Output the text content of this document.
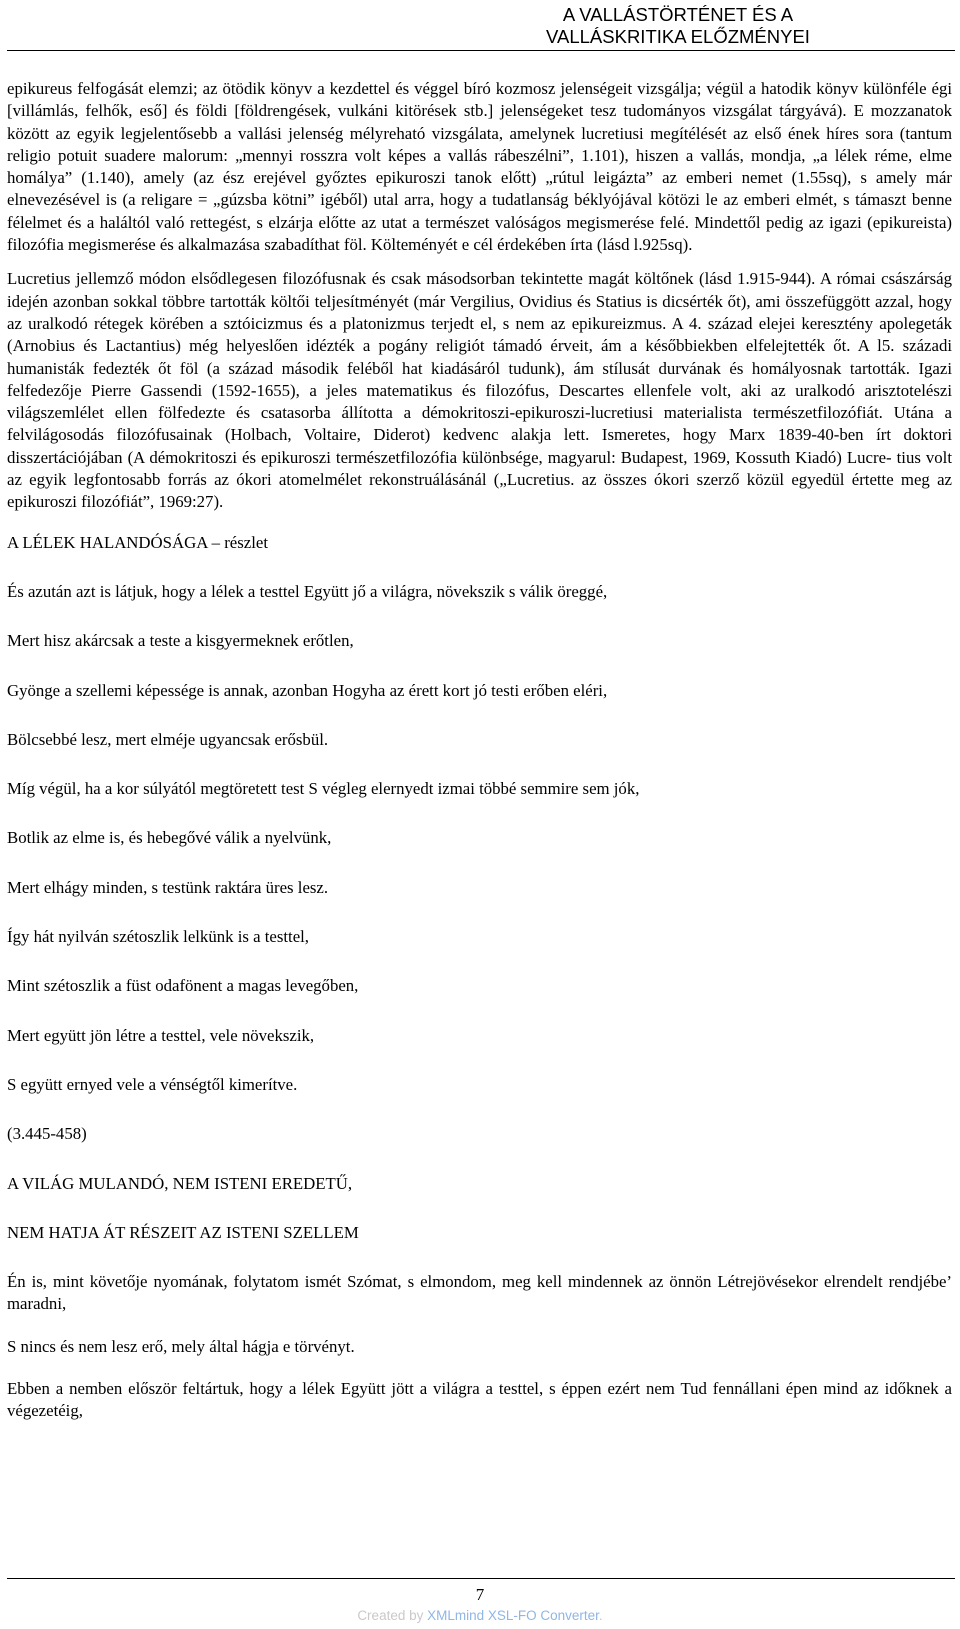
A VALLÁSTÖRTÉNET ÉS A
VALLÁSKRITIKA ELŐZMÉNYEI

epikureus felfogását elemzi; az ötödik könyv a kezdettel és véggel bíró kozmosz jelenségeit vizsgálja; végül a hatodik könyv különféle égi [villámlás, felhők, eső] és földi [földrengések, vulkáni kitörések stb.] jelenségeket tesz tudományos vizsgálat tárgyává). E mozzanatok között az egyik legjelentősebb a vallási jelenség mélyreható vizsgálata, amelynek lucretiusi megítélését az első ének híres sora (tantum religio potuit suadere malorum: „mennyi rosszra volt képes a vallás rábeszélni”, 1.101), hiszen a vallás, mondja, „a lélek réme, elme homálya” (1.140), amely (az ész erejével győztes epikuroszi tanok előtt) „rútul leigázta” az emberi nemet (1.55sq), s amely már elnevezésével is (a religare = „gúzsba kötni” igéből) utal arra, hogy a tudatlanság béklyójával kötözi le az emberi elmét, s támaszt benne félelmet és a haláltól való rettegést, s elzárja előtte az utat a természet valóságos megismerése felé. Mindettől pedig az igazi (epikureista) filozófia megismerése és alkalmazása szabadíthat föl. Költeményét e cél érdekében írta (lásd l.925sq).

Lucretius jellemző módon elsődlegesen filozófusnak és csak másodsorban tekintette magát költőnek (lásd 1.915-944). A római császárság idején azonban sokkal többre tartották költői teljesítményét (már Vergilius, Ovidius és Statius is dicsérték őt), ami összefüggött azzal, hogy az uralkodó rétegek körében a sztóicizmus és a platonizmus terjedt el, s nem az epikureizmus. A 4. század elejei keresztény apolegeták (Arnobius és Lactantius) még helyeslően idézték a pogány religiót támadó érveit, ám a későbbiekben elfelejtették őt. A l5. századi humanisták fedezték őt föl (a század második feléből hat kiadásáról tudunk), ám stílusát durvának és homályosnak tartották. Igazi felfedezője Pierre Gassendi (1592-1655), a jeles matematikus és filozófus, Descartes ellenfele volt, aki az uralkodó arisztotelészi világszemlélet ellen fölfedezte és csatasorba állította a démokritoszi-epikuroszi-lucretiusi materialista természetfilozófiát. Utána a felvilágosodás filozófusainak (Holbach, Voltaire, Diderot) kedvenc alakja lett. Ismeretes, hogy Marx 1839-40-ben írt doktori disszertációjában (A démokritoszi és epikuroszi természetfilozófia különbsége, magyarul: Budapest, 1969, Kossuth Kiadó) Lucre- tius volt az egyik legfontosabb forrás az ókori atomelmélet rekonstruálásánál („Lucretius. az összes ókori szerző közül egyedül értette meg az epikuroszi filozófiát”, 1969:27).

A LÉLEK HALANDÓSÁGA – részlet

És azután azt is látjuk, hogy a lélek a testtel Együtt jő a világra, növekszik s válik öreggé,

Mert hisz akárcsak a teste a kisgyermeknek erőtlen,

Gyönge a szellemi képessége is annak, azonban Hogyha az érett kort jó testi erőben eléri,

Bölcsebbé lesz, mert elméje ugyancsak erősbül.

Míg végül, ha a kor súlyától megtöretett test S végleg elernyedt izmai többé semmire sem jók,

Botlik az elme is, és hebegővé válik a nyelvünk,

Mert elhágy minden, s testünk raktára üres lesz.

Így hát nyilván szétoszlik lelkünk is a testtel,

Mint szétoszlik a füst odafönent a magas levegőben,

Mert együtt jön létre a testtel, vele növekszik,

S együtt ernyed vele a vénségtől kimerítve.

(3.445-458)

A VILÁG MULANDÓ, NEM ISTENI EREDETŰ,

NEM HATJA ÁT RÉSZEIT AZ ISTENI SZELLEM

Én is, mint követője nyomának, folytatom ismét Szómat, s elmondom, meg kell mindennek az önnön Létrejövésekor elrendelt rendjébe’ maradni,

S nincs és nem lesz erő, mely által hágja e törvényt.

Ebben a nemben először feltártuk, hogy a lélek Együtt jött a világra a testtel, s éppen ezért nem Tud fennállani épen mind az időknek a végezetéig,

7
Created by XMLmind XSL-FO Converter.
